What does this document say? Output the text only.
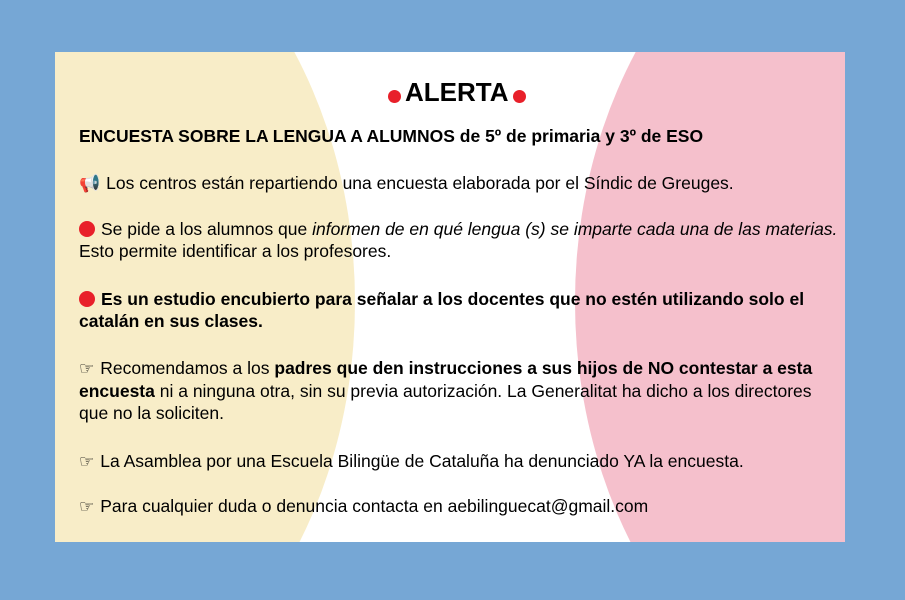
ALERTA

ENCUESTA SOBRE LA LENGUA A ALUMNOS de 5º de primaria y 3º de ESO

📢 Los centros están repartiendo una encuesta elaborada por el Síndic de Greuges.

Se pide a los alumnos que informen de en qué lengua (s) se imparte cada una de las materias. Esto permite identificar a los profesores.

Es un estudio encubierto para señalar a los docentes que no estén utilizando solo el catalán en sus clases.

☞ Recomendamos a los padres que den instrucciones a sus hijos de NO contestar a esta encuesta ni a ninguna otra, sin su previa autorización. La Generalitat ha dicho a los directores que no la soliciten.

☞ La Asamblea por una Escuela Bilingüe de Cataluña ha denunciado YA la encuesta.

☞ Para cualquier duda o denuncia contacta en aebilinguecat@gmail.com
